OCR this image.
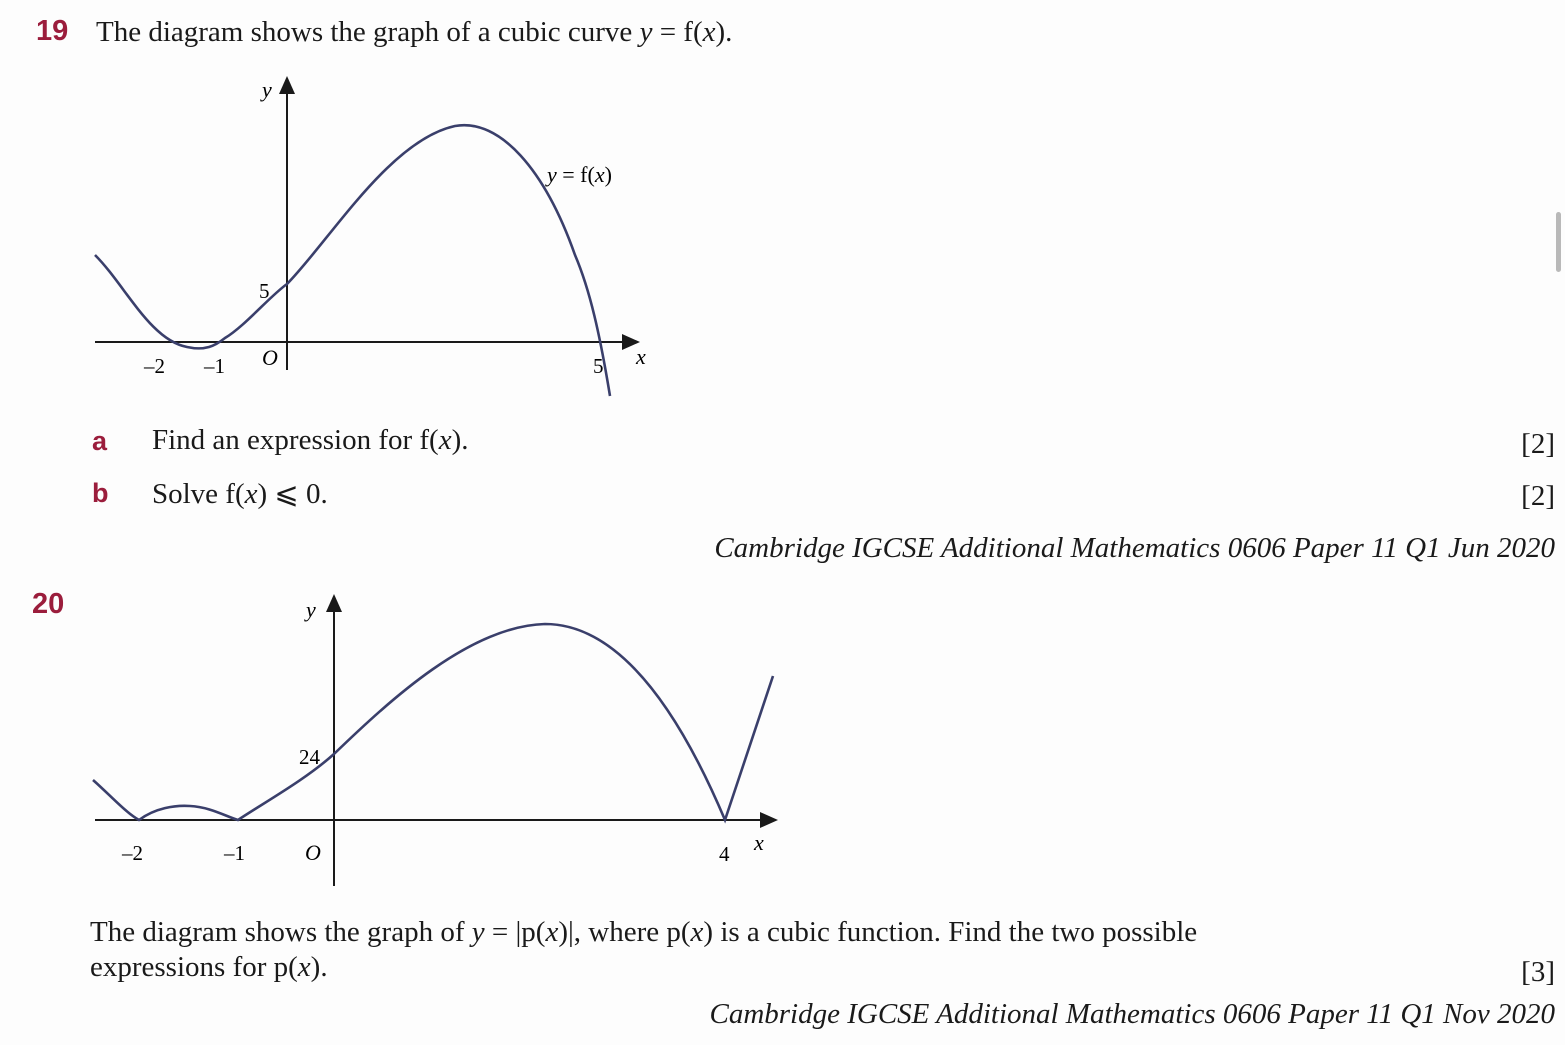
19 The diagram shows the graph of a cubic curve y = f(x).
y
x
O
–2 –1
5
5
y = f(x)
a Find an expression for f(x).	[2]
b Solve f(x) ⩽ 0.	[2]
Cambridge IGCSE Additional Mathematics 0606 Paper 11 Q1 Jun 2020
20	y
x
O
–2	–1	4
24
The diagram shows the graph of y = |p(x)|, where p(x) is a cubic function. Find the two possible
expressions for p(x).	[3]
Cambridge IGCSE Additional Mathematics 0606 Paper 11 Q1 Nov 2020
